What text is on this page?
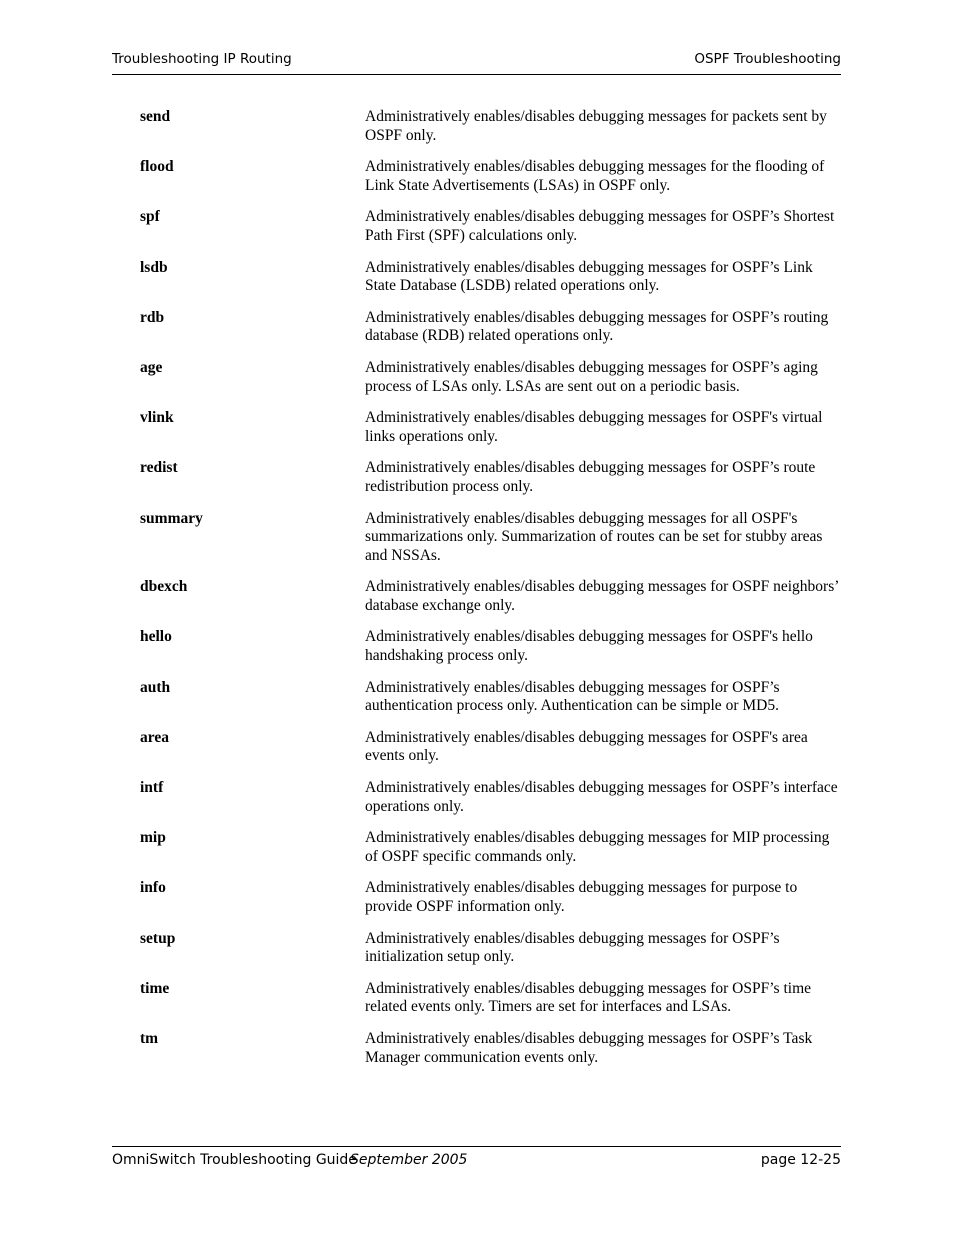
Troubleshooting IP Routing	OSPF Troubleshooting
send	Administratively enables/disables debugging messages for packets sent by OSPF only.
flood	Administratively enables/disables debugging messages for the flooding of Link State Advertisements (LSAs) in OSPF only.
spf	Administratively enables/disables debugging messages for OSPF’s Shortest Path First (SPF) calculations only.
lsdb	Administratively enables/disables debugging messages for OSPF’s Link State Database (LSDB) related operations only.
rdb	Administratively enables/disables debugging messages for OSPF’s routing database (RDB) related operations only.
age	Administratively enables/disables debugging messages for OSPF’s aging process of LSAs only. LSAs are sent out on a periodic basis.
vlink	Administratively enables/disables debugging messages for OSPF's virtual links operations only.
redist	Administratively enables/disables debugging messages for OSPF’s route redistribution process only.
summary	Administratively enables/disables debugging messages for all OSPF's summarizations only. Summarization of routes can be set for stubby areas and NSSAs.
dbexch	Administratively enables/disables debugging messages for OSPF neighbors’ database exchange only.
hello	Administratively enables/disables debugging messages for OSPF's hello handshaking process only.
auth	Administratively enables/disables debugging messages for OSPF’s authentication process only. Authentication can be simple or MD5.
area	Administratively enables/disables debugging messages for OSPF's area events only.
intf	Administratively enables/disables debugging messages for OSPF’s interface operations only.
mip	Administratively enables/disables debugging messages for MIP processing of OSPF specific commands only.
info	Administratively enables/disables debugging messages for purpose to provide OSPF information only.
setup	Administratively enables/disables debugging messages for OSPF’s initialization setup only.
time	Administratively enables/disables debugging messages for OSPF’s time related events only. Timers are set for interfaces and LSAs.
tm	Administratively enables/disables debugging messages for OSPF’s Task Manager communication events only.
OmniSwitch Troubleshooting Guide
September 2005	page 12-25
